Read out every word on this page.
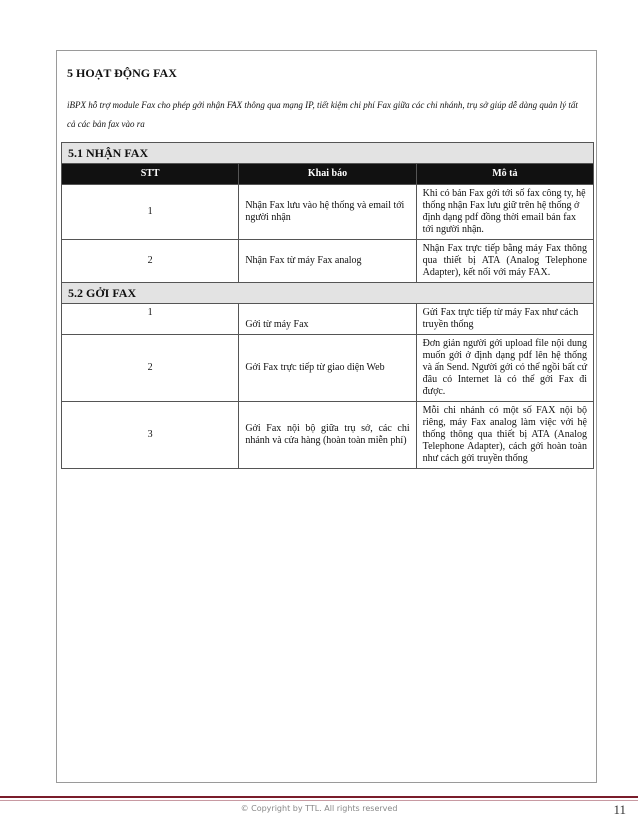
5 HOẠT ĐỘNG FAX
iBPX hỗ trợ module Fax cho phép gởi nhận FAX thông qua mạng IP, tiết kiệm chi phí Fax giữa các chi nhánh, trụ sở giúp dễ dàng quản lý tất cả các bản fax vào ra
5.1 NHẬN FAX		
STT	Khai báo	Mô tả
1	Nhận Fax lưu vào hệ thống và email tới người nhận	Khi có bản Fax gởi tới số fax công ty, hệ thống nhận Fax lưu giữ trên hệ thống ở định dạng pdf đồng thời email bản fax tới người nhận.
2	Nhận Fax từ máy Fax analog	Nhận Fax trực tiếp bằng máy Fax thông qua thiết bị ATA (Analog Telephone Adapter), kết nối với máy FAX.
5.2 GỞI FAX		
1	Gởi từ máy Fax	Gửi Fax trực tiếp từ máy Fax như cách truyền thống
2	Gởi Fax trực tiếp từ giao diện Web	Đơn giản người gởi upload file nội dung muốn gởi ở định dạng pdf lên hệ thống và ấn Send. Người gởi có thể ngồi bất cứ đâu có Internet là có thể gởi Fax đi được.
3	Gởi Fax nội bộ giữa trụ sở, các chi nhánh và cửa hàng (hoàn toàn miễn phí)	Mỗi chi nhánh có một số FAX nội bộ riêng, máy Fax analog làm việc với hệ thống thông qua thiết bị ATA (Analog Telephone Adapter), cách gởi hoàn toàn như cách gởi truyền thống
© Copyright by TTL. All rights reserved	11
